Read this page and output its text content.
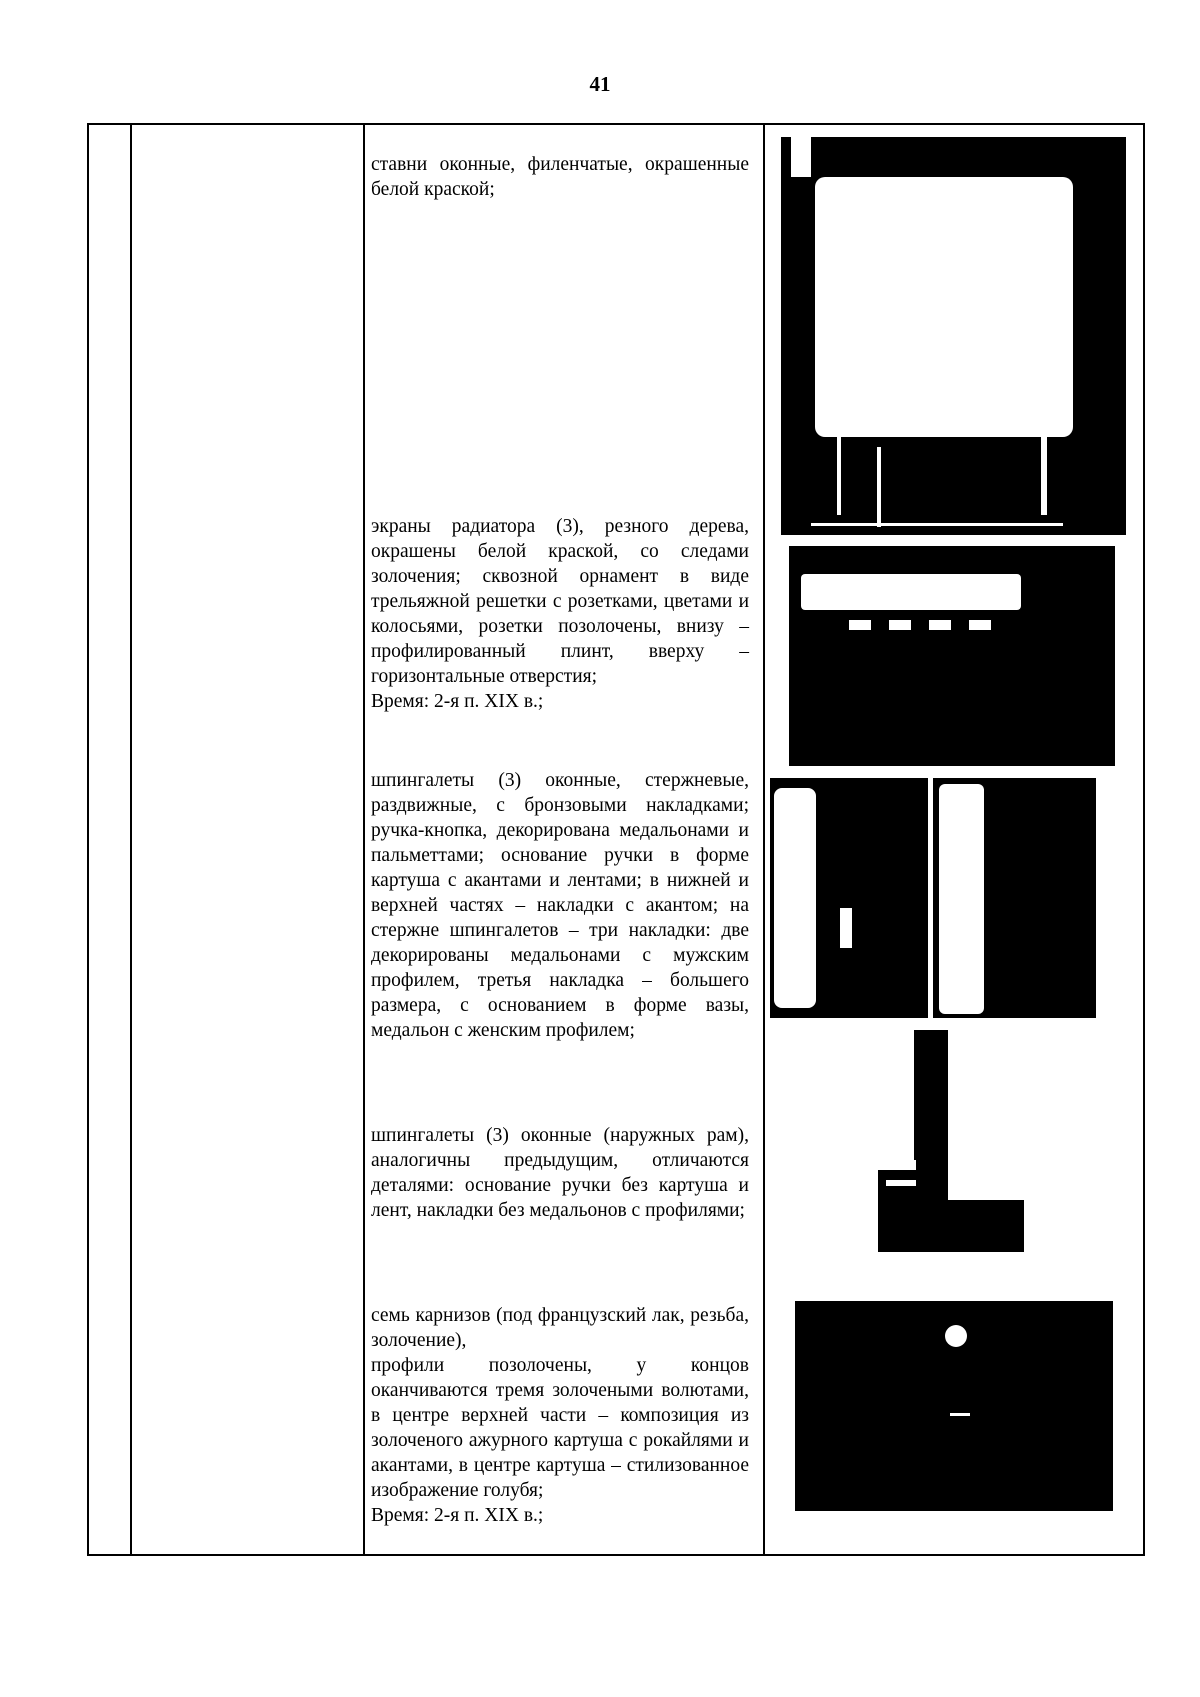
41

ставни оконные, филенчатые, окрашенные белой краской;

экраны радиатора (3), резного дерева, окрашены белой краской, со следами золочения; сквозной орнамент в виде трельяжной решетки с розетками, цветами и колосьями, розетки позолочены, внизу – профилированный плинт, вверху – горизонтальные отверстия;

Время: 2-я п. XIX в.;

шпингалеты (3) оконные, стержневые, раздвижные, с бронзовыми накладками; ручка-кнопка, декорирована медальонами и пальметтами; основание ручки в форме картуша с акантами и лентами; в нижней и верхней частях – накладки с акантом; на стержне шпингалетов – три накладки: две декорированы медальонами с мужским профилем, третья накладка – большего размера, с основанием в форме вазы, медальон с женским профилем;

шпингалеты (3) оконные (наружных рам), аналогичны предыдущим, отличаются деталями: основание ручки без картуша и лент, накладки без медальонов с профилями;

семь карнизов (под французский лак, резьба, золочение),

профили позолочены, у концов оканчиваются тремя золочеными волютами, в центре верхней части – композиция из золоченого ажурного картуша с рокайлями и акантами, в центре картуша – стилизованное изображение голубя;

Время: 2-я п. XIX в.;
